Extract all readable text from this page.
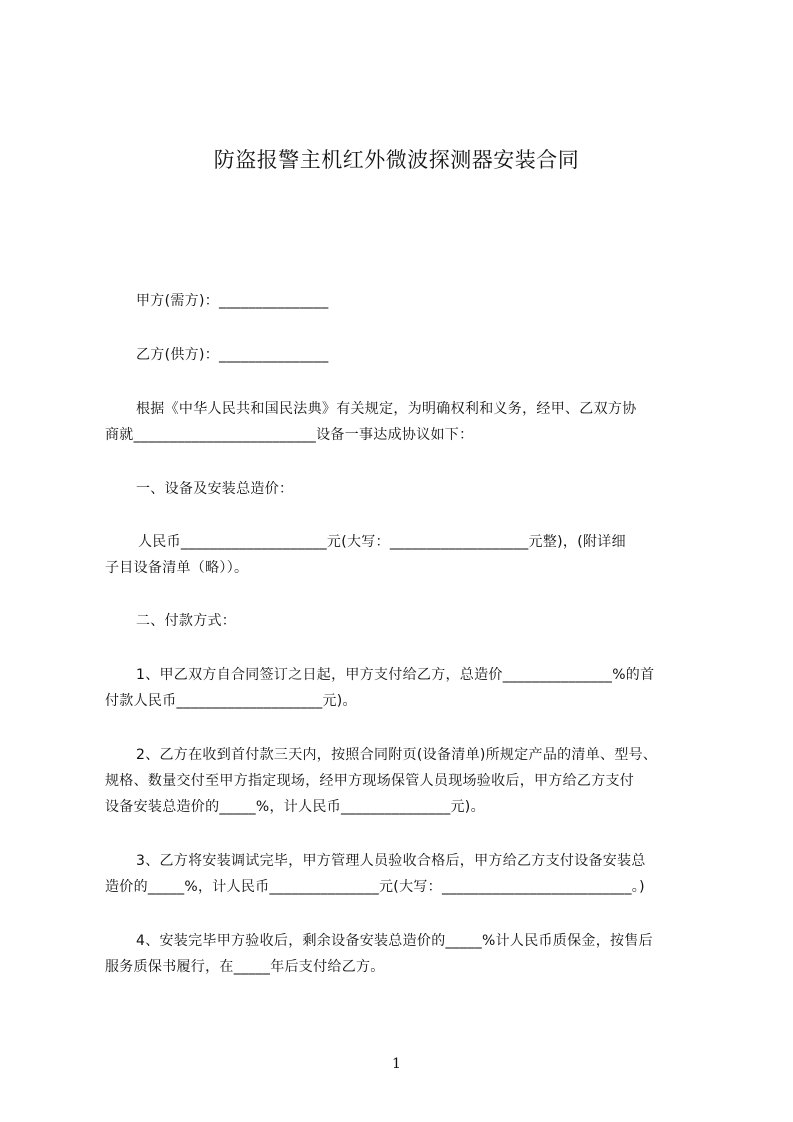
防盗报警主机红外微波探测器安装合同
甲方(需方)：_______________
乙方(供方)：_______________
根据《中华人民共和国民法典》有关规定，为明确权利和义务，经甲、乙双方协
商就_________________________设备一事达成协议如下：
一、设备及安装总造价：
人民币____________________元(大写：___________________元整)，(附详细
子目设备清单（略））。
二、付款方式：
1、甲乙双方自合同签订之日起，甲方支付给乙方，总造价_______________%的首
付款人民币____________________元)。
2、乙方在收到首付款三天内，按照合同附页(设备清单)所规定产品的清单、型号、
规格、数量交付至甲方指定现场，经甲方现场保管人员现场验收后，甲方给乙方支付
设备安装总造价的_____%，计人民币_______________元)。
3、乙方将安装调试完毕，甲方管理人员验收合格后，甲方给乙方支付设备安装总
造价的_____%，计人民币_______________元(大写：__________________________。)
4、安装完毕甲方验收后，剩余设备安装总造价的_____%计人民币质保金，按售后
服务质保书履行，在_____年后支付给乙方。
1
